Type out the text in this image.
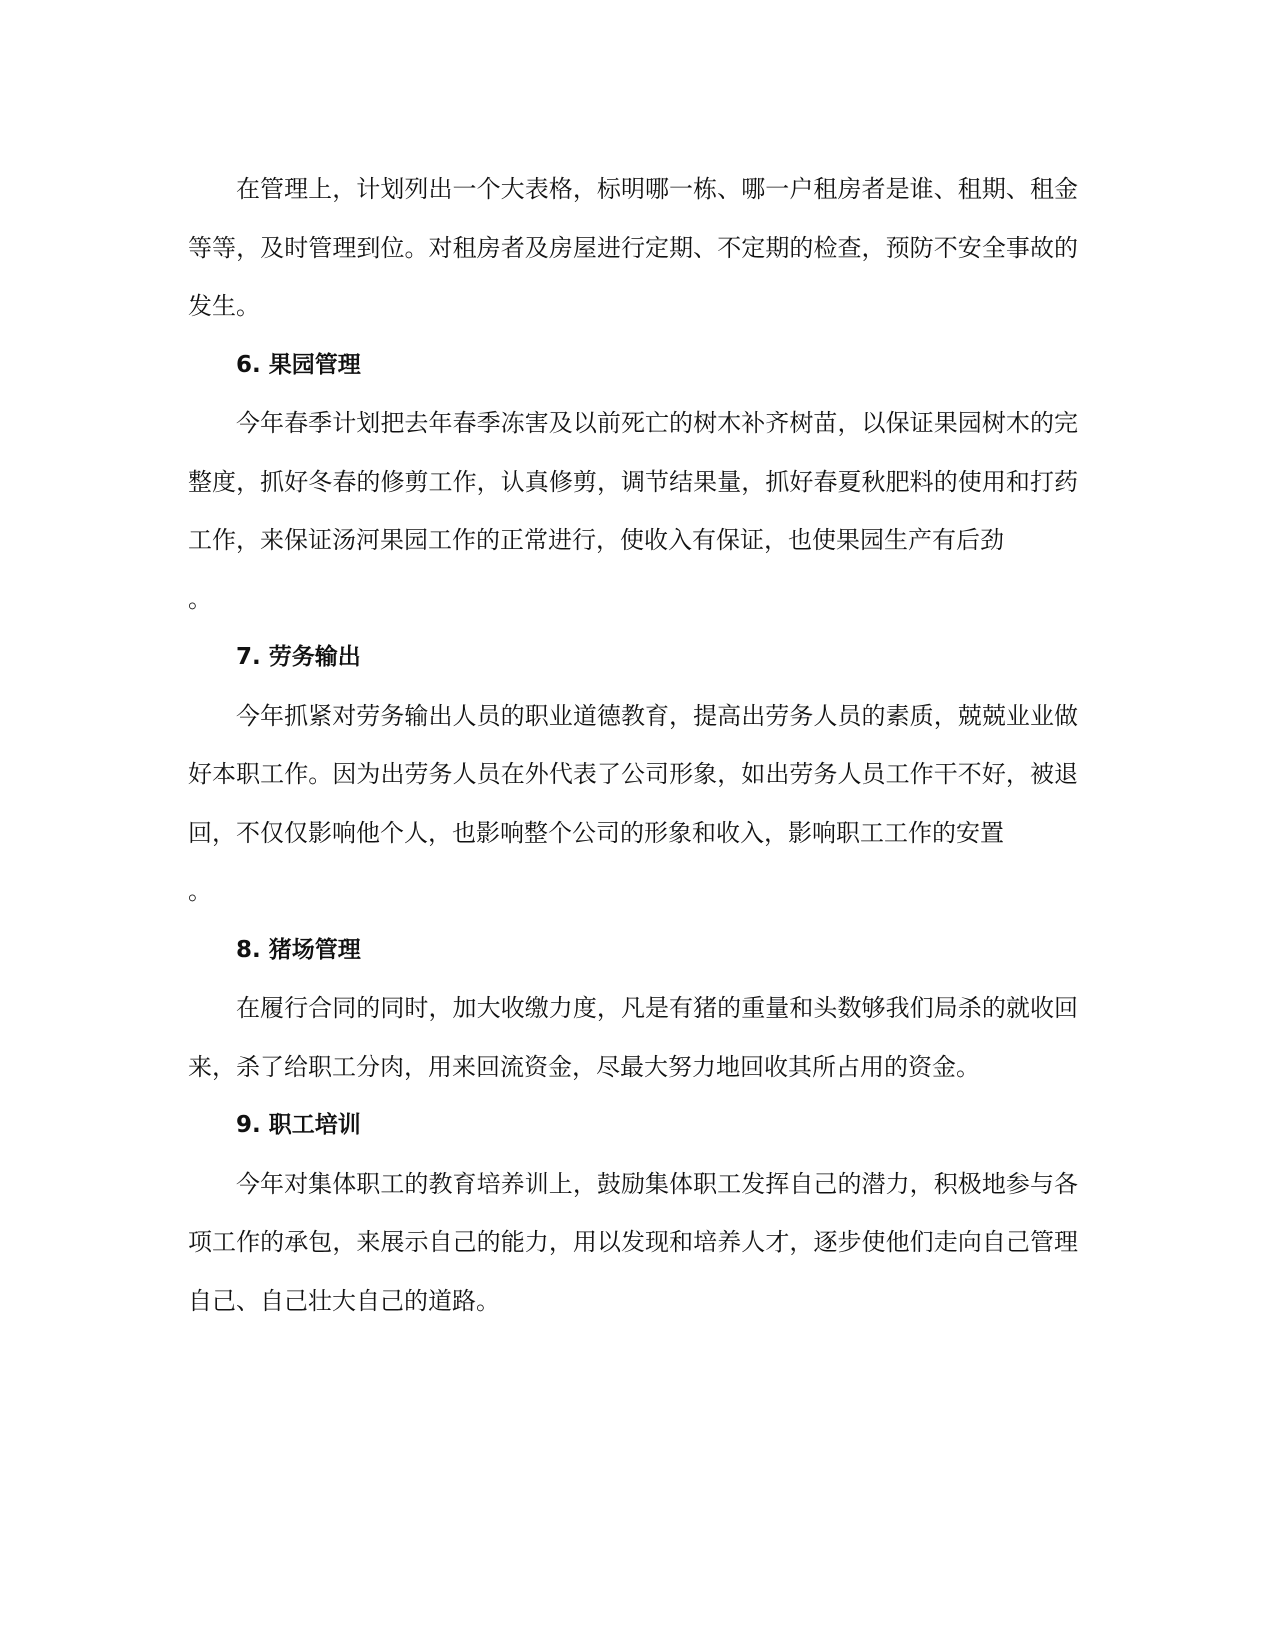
在管理上，计划列出一个大表格，标明哪一栋、哪一户租房者是谁、租期、租金等等，及时管理到位。对租房者及房屋进行定期、不定期的检查，预防不安全事故的发生。

6. 果园管理

今年春季计划把去年春季冻害及以前死亡的树木补齐树苗，以保证果园树木的完整度，抓好冬春的修剪工作，认真修剪，调节结果量，抓好春夏秋肥料的使用和打药工作，来保证汤河果园工作的正常进行，使收入有保证，也使果园生产有后劲
。

7. 劳务输出

今年抓紧对劳务输出人员的职业道德教育，提高出劳务人员的素质，兢兢业业做好本职工作。因为出劳务人员在外代表了公司形象，如出劳务人员工作干不好，被退回，不仅仅影响他个人，也影响整个公司的形象和收入，影响职工工作的安置
。

8. 猪场管理

在履行合同的同时，加大收缴力度，凡是有猪的重量和头数够我们局杀的就收回来，杀了给职工分肉，用来回流资金，尽最大努力地回收其所占用的资金。

9. 职工培训

今年对集体职工的教育培养训上，鼓励集体职工发挥自己的潜力，积极地参与各项工作的承包，来展示自己的能力，用以发现和培养人才，逐步使他们走向自己管理自己、自己壮大自己的道路。
